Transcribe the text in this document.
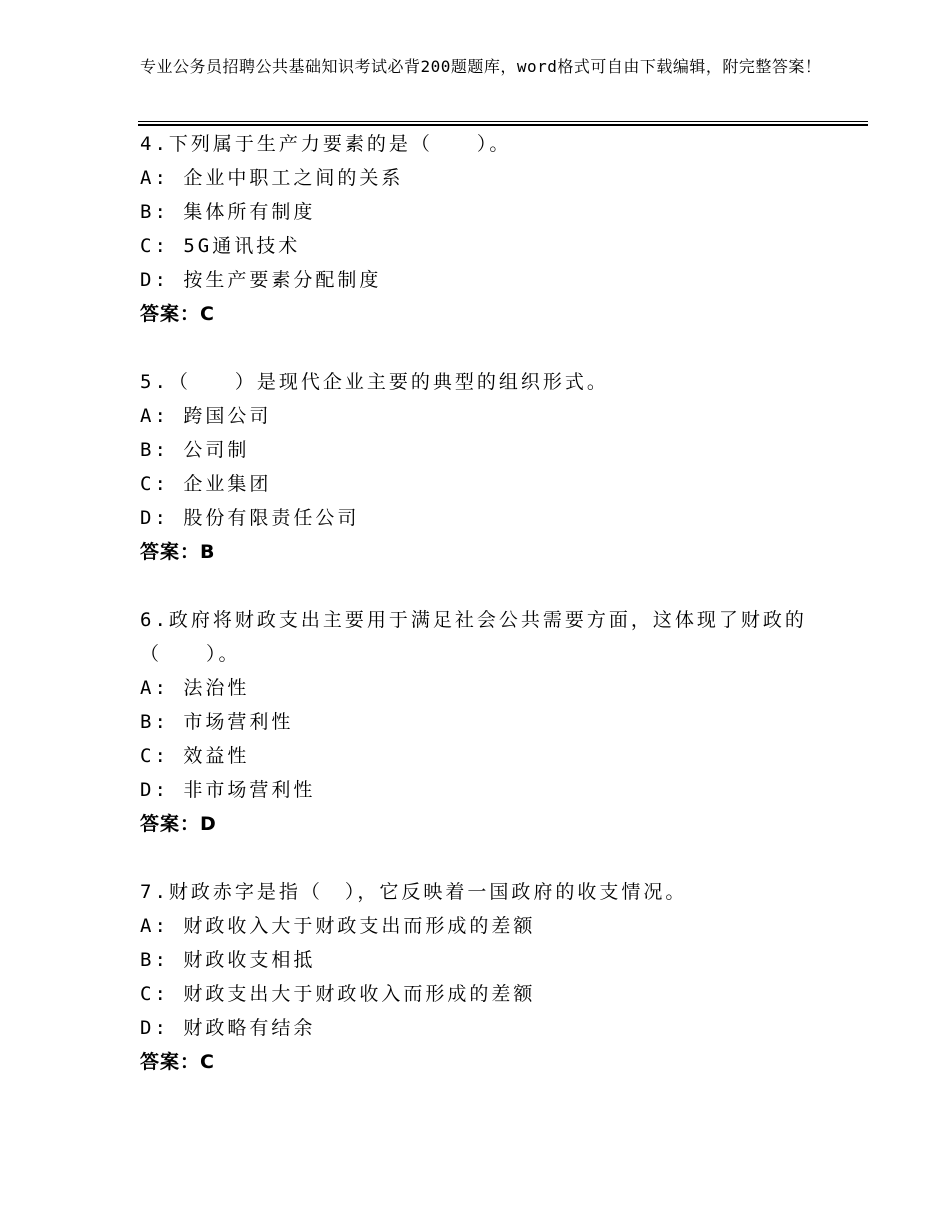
专业公务员招聘公共基础知识考试必背200题题库，word格式可自由下载编辑，附完整答案！

4.下列属于生产力要素的是（　　）。

A: 企业中职工之间的关系

B: 集体所有制度

C: 5G通讯技术

D: 按生产要素分配制度

答案：C

5.（　　）是现代企业主要的典型的组织形式。

A: 跨国公司

B: 公司制

C: 企业集团

D: 股份有限责任公司

答案：B

6.政府将财政支出主要用于满足社会公共需要方面，这体现了财政的（　　）。

A: 法治性

B: 市场营利性

C: 效益性

D: 非市场营利性

答案：D

7.财政赤字是指（　），它反映着一国政府的收支情况。

A: 财政收入大于财政支出而形成的差额

B: 财政收支相抵

C: 财政支出大于财政收入而形成的差额

D: 财政略有结余

答案：C
